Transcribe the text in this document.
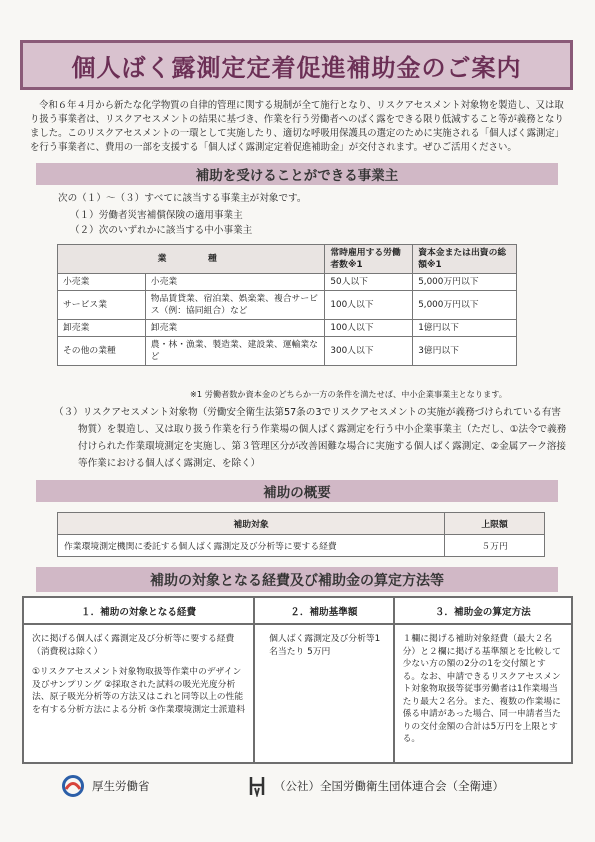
個人ばく露測定定着促進補助金のご案内
令和６年４月から新たな化学物質の自律的管理に関する規制が全て施行となり、リスクアセスメント対象物を製造し、又は取り扱う事業者は、リスクアセスメントの結果に基づき、作業を行う労働者へのばく露をできる限り低減すること等が義務となりました。このリスクアセスメントの一環として実施したり、適切な呼吸用保護具の選定のために実施される「個人ばく露測定」を行う事業者に、費用の一部を支援する「個人ばく露測定定着促進補助金」が交付されます。ぜひご活用ください。
補助を受けることができる事業主
次の（１）～（３）すべてに該当する事業主が対象です。
（１）労働者災害補償保険の適用事業主
（２）次のいずれかに該当する中小事業主
業　　種		常時雇用する労働者数※1	資本金または出資の総額※1
小売業	小売業	50人以下	5,000万円以下
サービス業	物品賃貸業、宿泊業、娯楽業、複合サービス（例：協同組合）など	100人以下	5,000万円以下
卸売業	卸売業	100人以下	1億円以下
その他の業種	農・林・漁業、製造業、建設業、運輸業など	300人以下	3億円以下
※1 労働者数か資本金のどちらか一方の条件を満たせば、中小企業事業主となります。
（３）リスクアセスメント対象物（労働安全衛生法第57条の3でリスクアセスメントの実施が義務づけられている有害物質）を製造し、又は取り扱う作業を行う作業場の個人ばく露測定を行う中小企業事業主（ただし、①法令で義務付けられた作業環境測定を実施し、第３管理区分が改善困難な場合に実施する個人ばく露測定、②金属アーク溶接等作業における個人ばく露測定、を除く）
補助の概要
補助対象	上限額
作業環境測定機関に委託する個人ばく露測定及び分析等に要する経費	５万円
補助の対象となる経費及び補助金の算定方法等
１．補助の対象となる経費	２．補助基準額	３．補助金の算定方法

次に掲げる個人ばく露測定及び分析等に要する経費（消費税は除く）

①リスクアセスメント対象物取扱等作業中のデザイン及びサンプリング ②採取された試料の吸光光度分析法、原子吸光分析等の方法又はこれと同等以上の性能を有する分析方法による分析 ③作業環境測定士派遣料	個人ばく露測定及び分析等1名当たり 5万円	１欄に掲げる補助対象経費（最大２名分）と２欄に掲げる基準額とを比較して少ない方の額の2分の1を交付額とする。なお、申請できるリスクアセスメント対象物取扱等従事労働者は1作業場当たり最大２名分。また、複数の作業場に係る申請があった場合、同一申請者当たりの交付金額の合計は5万円を上限とする。

厚生労働省	（公社）全国労働衛生団体連合会（全衛連）
